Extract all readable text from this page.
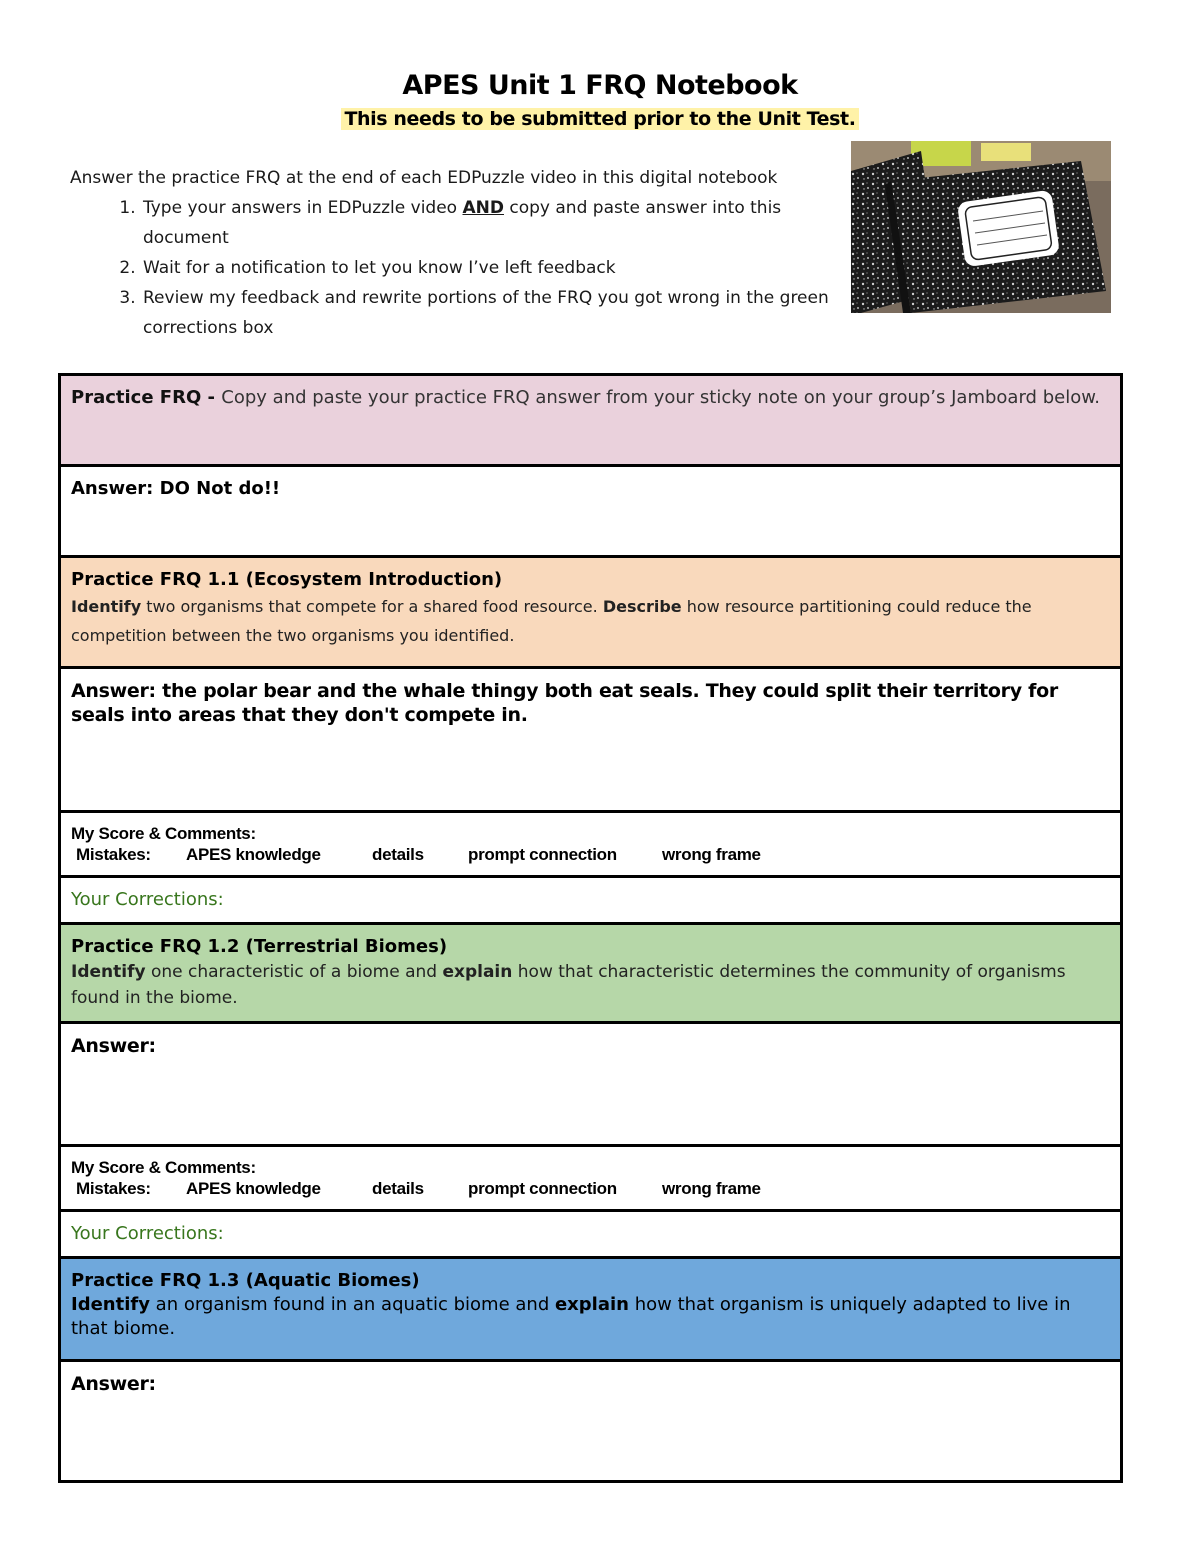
APES Unit 1 FRQ Notebook
This needs to be submitted prior to the Unit Test.
Answer the practice FRQ at the end of each EDPuzzle video in this digital notebook
1. Type your answers in EDPuzzle video AND copy and paste answer into this document
2. Wait for a notification to let you know I’ve left feedback
3. Review my feedback and rewrite portions of the FRQ you got wrong in the green corrections box
Practice FRQ - Copy and paste your practice FRQ answer from your sticky note on your group’s Jamboard below.
Answer: DO Not do!!

Practice FRQ 1.1 (Ecosystem Introduction)
Identify two organisms that compete for a shared food resource. Describe how resource partitioning could reduce the competition between the two organisms you identified.

Answer: the polar bear and the whale thingy both eat seals. They could split their territory for seals into areas that they don't compete in.

My Score & Comments:
Mistakes: APES knowledge	details	prompt connection	wrong frame

Your Corrections:

Practice FRQ 1.2 (Terrestrial Biomes)
Identify one characteristic of a biome and explain how that characteristic determines the community of organisms found in the biome.

Answer:

My Score & Comments:
Mistakes: APES knowledge	details	prompt connection	wrong frame

Your Corrections:

Practice FRQ 1.3 (Aquatic Biomes)
Identify an organism found in an aquatic biome and explain how that organism is uniquely adapted to live in that biome.

Answer:
